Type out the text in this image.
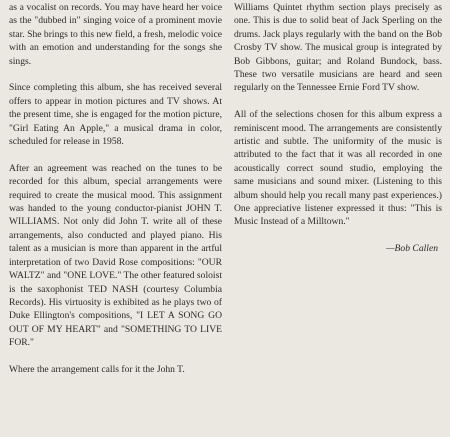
as a vocalist on records. You may have heard her voice as the "dubbed in" singing voice of a prominent movie star. She brings to this new field, a fresh, melodic voice with an emotion and understanding for the songs she sings.

Since completing this album, she has received several offers to appear in motion pictures and TV shows. At the present time, she is engaged for the motion picture, "Girl Eating An Apple," a musical drama in color, scheduled for release in 1958.

After an agreement was reached on the tunes to be recorded for this album, special arrangements were required to create the musical mood. This assignment was handed to the young conductor-pianist JOHN T. WILLIAMS. Not only did John T. write all of these arrangements, also conducted and played piano. His talent as a musician is more than apparent in the artful interpretation of two David Rose compositions: "OUR WALTZ" and "ONE LOVE." The other featured soloist is the saxophonist TED NASH (courtesy Columbia Records). His virtuosity is exhibited as he plays two of Duke Ellington's compositions, "I LET A SONG GO OUT OF MY HEART" and "SOMETHING TO LIVE FOR."

Where the arrangement calls for it the John T.

Williams Quintet rhythm section plays precisely as one. This is due to solid beat of Jack Sperling on the drums. Jack plays regularly with the band on the Bob Crosby TV show. The musical group is integrated by Bob Gibbons, guitar; and Roland Bundock, bass. These two versatile musicians are heard and seen regularly on the Tennessee Ernie Ford TV show.

All of the selections chosen for this album express a reminiscent mood. The arrangements are consistently artistic and subtle. The uniformity of the music is attributed to the fact that it was all recorded in one acoustically correct sound studio, employing the same musicians and sound mixer. (Listening to this album should help you recall many past experiences.) One appreciative listener expressed it thus: "This is Music Instead of a Milltown."

—Bob Callen
